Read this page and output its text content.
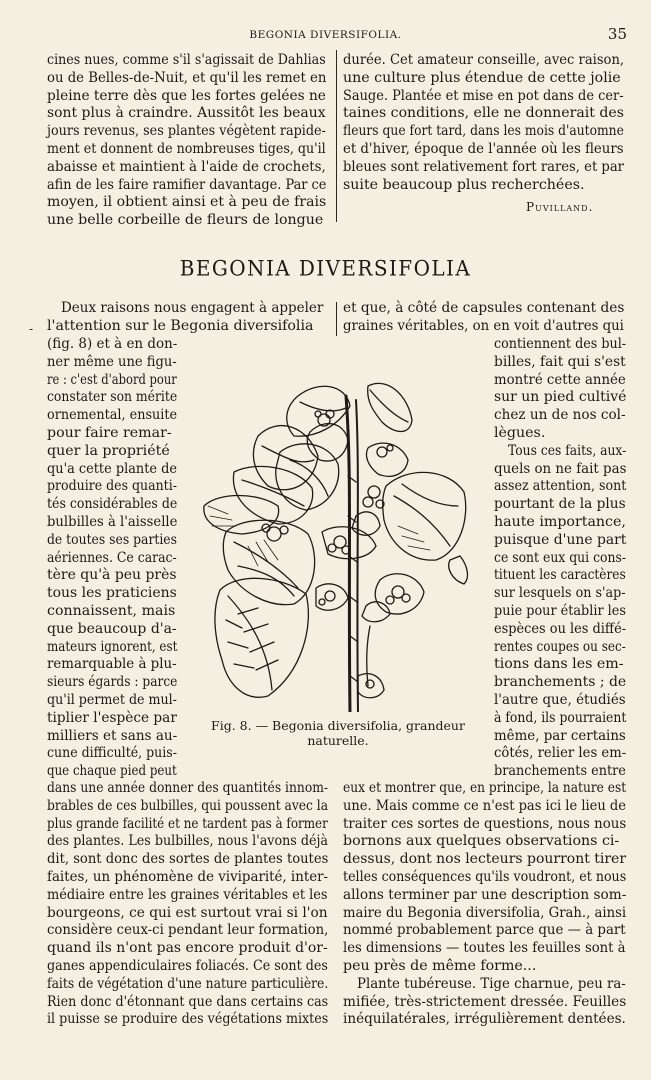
BEGONIA DIVERSIFOLIA.	35
cines nues, comme s'il s'agissait de Dahlias
ou de Belles-de-Nuit, et qu'il les remet en
pleine terre dès que les fortes gelées ne
sont plus à craindre. Aussitôt les beaux
jours revenus, ses plantes végètent rapide-
ment et donnent de nombreuses tiges, qu'il
abaisse et maintient à l'aide de crochets,
afin de les faire ramifier davantage. Par ce
moyen, il obtient ainsi et à peu de frais
une belle corbeille de fleurs de longue
durée. Cet amateur conseille, avec raison,
une culture plus étendue de cette jolie
Sauge. Plantée et mise en pot dans de cer-
taines conditions, elle ne donnerait des
fleurs que fort tard, dans les mois d'automne
et d'hiver, époque de l'année où les fleurs
bleues sont relativement fort rares, et par
suite beaucoup plus recherchées.
Puvilland.
BEGONIA DIVERSIFOLIA
Deux raisons nous engagent à appeler
l'attention sur le Begonia diversifolia
et que, à côté de capsules contenant des
graines véritables, on en voit d'autres qui
-
(fig. 8) et à en don-
ner même une figu-
re : c'est d'abord pour
constater son mérite
ornemental, ensuite
pour faire remar-
quer la propriété
qu'a cette plante de
produire des quanti-
tés considérables de
bulbilles à l'aisselle
de toutes ses parties
aériennes. Ce carac-
tère qu'à peu près
tous les praticiens
connaissent, mais
que beaucoup d'a-
mateurs ignorent, est
remarquable à plu-
sieurs égards : parce
qu'il permet de mul-
tiplier l'espèce par
milliers et sans au-
cune difficulté, puis-
que chaque pied peut
contiennent des bul-
billes, fait qui s'est
montré cette année
sur un pied cultivé
chez un de nos col-
lègues.
Tous ces faits, aux-
quels on ne fait pas
assez attention, sont
pourtant de la plus
haute importance,
puisque d'une part
ce sont eux qui cons-
tituent les caractères
sur lesquels on s'ap-
puie pour établir les
espèces ou les diffé-
rentes coupes ou sec-
tions dans les em-
branchements ; de
l'autre que, étudiés
à fond, ils pourraient
même, par certains
côtés, relier les em-
branchements entre
Fig. 8. — Begonia diversifolia, grandeur naturelle.
dans une année donner des quantités innom-
brables de ces bulbilles, qui poussent avec la
plus grande facilité et ne tardent pas à former
des plantes. Les bulbilles, nous l'avons déjà
dit, sont donc des sortes de plantes toutes
faites, un phénomène de viviparité, inter-
médiaire entre les graines véritables et les
bourgeons, ce qui est surtout vrai si l'on
considère ceux-ci pendant leur formation,
quand ils n'ont pas encore produit d'or-
ganes appendiculaires foliacés. Ce sont des
faits de végétation d'une nature particulière.
Rien donc d'étonnant que dans certains cas
il puisse se produire des végétations mixtes
eux et montrer que, en principe, la nature est
une. Mais comme ce n'est pas ici le lieu de
traiter ces sortes de questions, nous nous
bornons aux quelques observations ci-
dessus, dont nos lecteurs pourront tirer
telles conséquences qu'ils voudront, et nous
allons terminer par une description som-
maire du Begonia diversifolia, Grah., ainsi
nommé probablement parce que — à part
les dimensions — toutes les feuilles sont à
peu près de même forme...
Plante tubéreuse. Tige charnue, peu ra-
mifiée, très-strictement dressée. Feuilles
inéquilatérales, irrégulièrement dentées.
